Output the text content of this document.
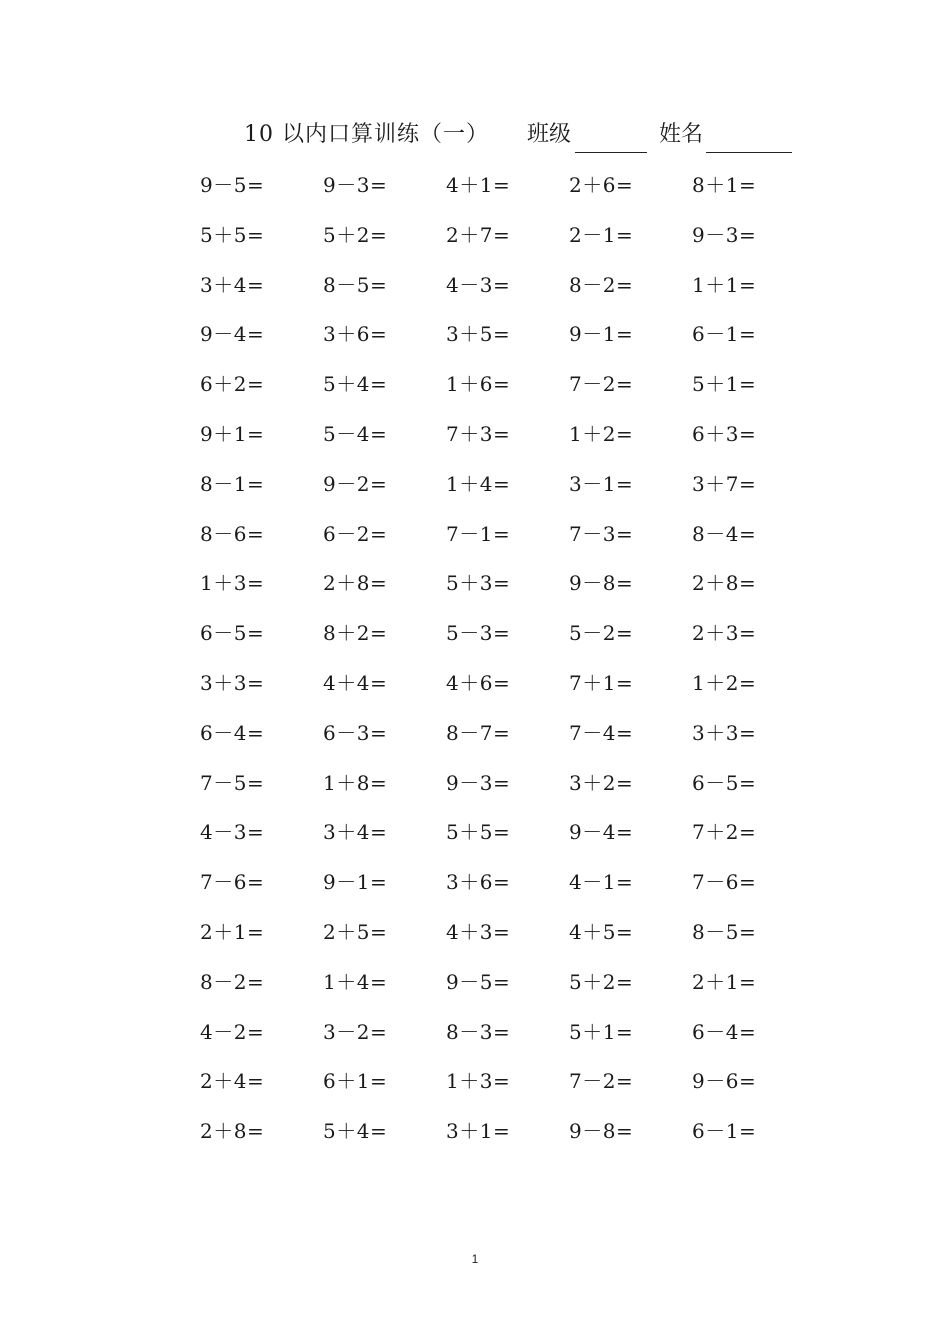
10 以内口算训练（一） 班级	姓名
9－5=	9－3=	4＋1=	2＋6=	8＋1=
5＋5=	5＋2=	2＋7=	2－1=	9－3=
3＋4=	8－5=	4－3=	8－2=	1＋1=
9－4=	3＋6=	3＋5=	9－1=	6－1=
6＋2=	5＋4=	1＋6=	7－2=	5＋1=
9＋1=	5－4=	7＋3=	1＋2=	6＋3=
8－1=	9－2=	1＋4=	3－1=	3＋7=
8－6=	6－2=	7－1=	7－3=	8－4=
1＋3=	2＋8=	5＋3=	9－8=	2＋8=
6－5=	8＋2=	5－3=	5－2=	2＋3=
3＋3=	4＋4=	4＋6=	7＋1=	1＋2=
6－4=	6－3=	8－7=	7－4=	3＋3=
7－5=	1＋8=	9－3=	3＋2=	6－5=
4－3=	3＋4=	5＋5=	9－4=	7＋2=
7－6=	9－1=	3＋6=	4－1=	7－6=
2＋1=	2＋5=	4＋3=	4＋5=	8－5=
8－2=	1＋4=	9－5=	5＋2=	2＋1=
4－2=	3－2=	8－3=	5＋1=	6－4=
2＋4=	6＋1=	1＋3=	7－2=	9－6=
2＋8=	5＋4=	3＋1=	9－8=	6－1=
1
